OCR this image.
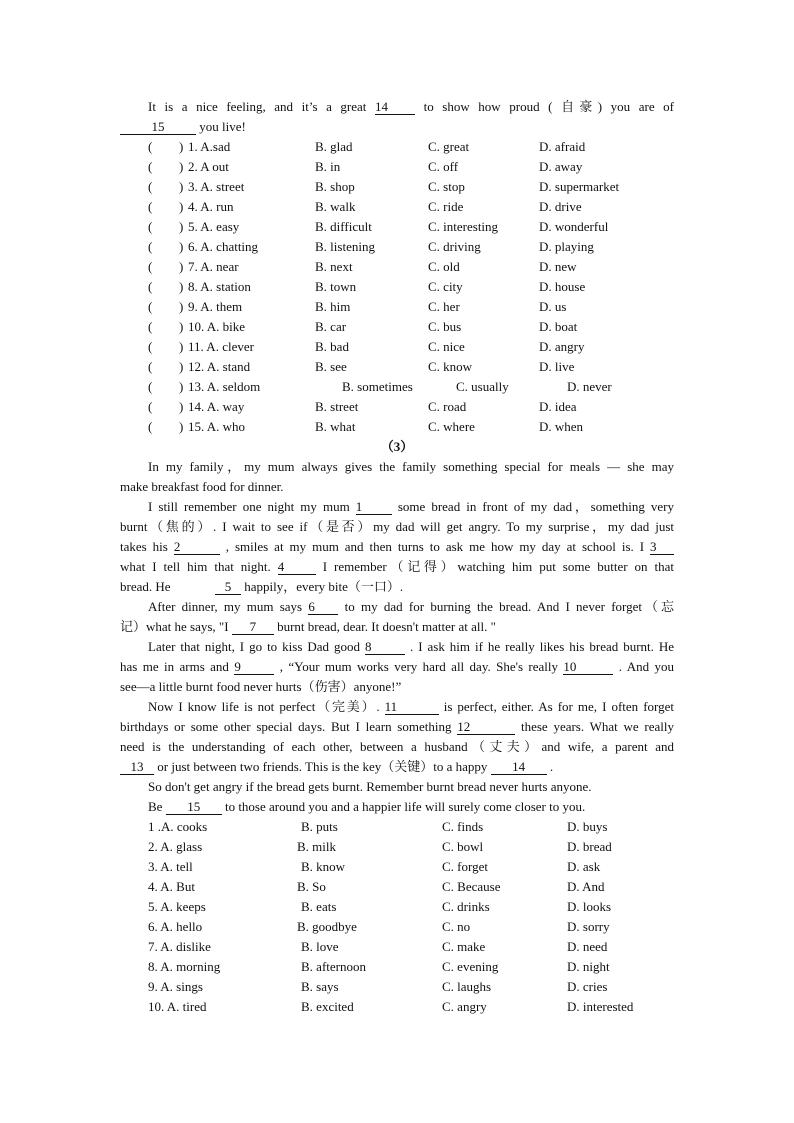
It is a nice feeling, and it’s a great 14	to show how proud ( 自豪) you are of
15	you live!
( ) 1. A.sad	B. glad	C. great	D. afraid
( ) 2. A out	B. in	C. off	D. away
( ) 3. A. street	B. shop	C. stop	D. supermarket
( ) 4. A. run	B. walk	C. ride	D. drive
( ) 5. A. easy	B. difficult	C. interesting	D. wonderful
( ) 6. A. chatting	B. listening	C. driving	D. playing
( ) 7. A. near	B. next	C. old	D. new
( ) 8. A. station	B. town	C. city	D. house
( ) 9. A. them	B. him	C. her	D. us
( ) 10. A. bike	B. car	C. bus	D. boat
( ) 11. A. clever	B. bad	C. nice	D. angry
( ) 12. A. stand	B. see	C. know	D. live
( ) 13. A. seldom	B. sometimes	C. usually	D. never
( ) 14. A. way	B. street	C. road	D. idea
( ) 15. A. who	B. what	C. where	D. when
（3）
In my family，my mum always gives the family something special for meals — she may
make breakfast food for dinner.
I still remember one night my mum 1	some bread in front of my dad，something very
burnt（焦的）. I wait to see if（是否）my dad will get angry. To my surprise，my dad just
takes his 2	, smiles at my mum and then turns to ask me how my day at school is. I 3
what I tell him that night. 4	I remember（记得）watching him put some butter on that
bread. He	5 happily，every bite（一口）.
After dinner, my mum says 6 to my dad for burning the bread. And I never forget（忘
记）what he says, "I 7 burnt bread, dear. It doesn't matter at all. "
Later that night, I go to kiss Dad good 8	. I ask him if he really likes his bread burnt. He
has me in arms and 9	, “Your mum works very hard all day. She's really 10	. And you
see—a little burnt food never hurts（伤害）anyone!”
Now I know life is not perfect（完美）. 11	is perfect, either. As for me, I often forget
birthdays or some other special days. But I learn something 12	these years. What we really
need is the understanding of each other, between a husband（丈夫）and wife, a parent and
13 or just between two friends. This is the key（关键）to a happy 14 .
So don't get angry if the bread gets burnt. Remember burnt bread never hurts anyone.
Be 15 to those around you and a happier life will surely come closer to you.
1 .A. cooks	B. puts	C. finds	D. buys
2. A. glass	B. milk	C. bowl	D. bread
3. A. tell	B. know	C. forget	D. ask
4. A. But	B. So	C. Because	D. And
5. A. keeps	B. eats	C. drinks	D. looks
6. A. hello	B. goodbye	C. no	D. sorry
7. A. dislike	B. love	C. make	D. need
8. A. morning	B. afternoon	C. evening	D. night
9. A. sings	B. says	C. laughs	D. cries
10. A. tired	B. excited	C. angry	D. interested
